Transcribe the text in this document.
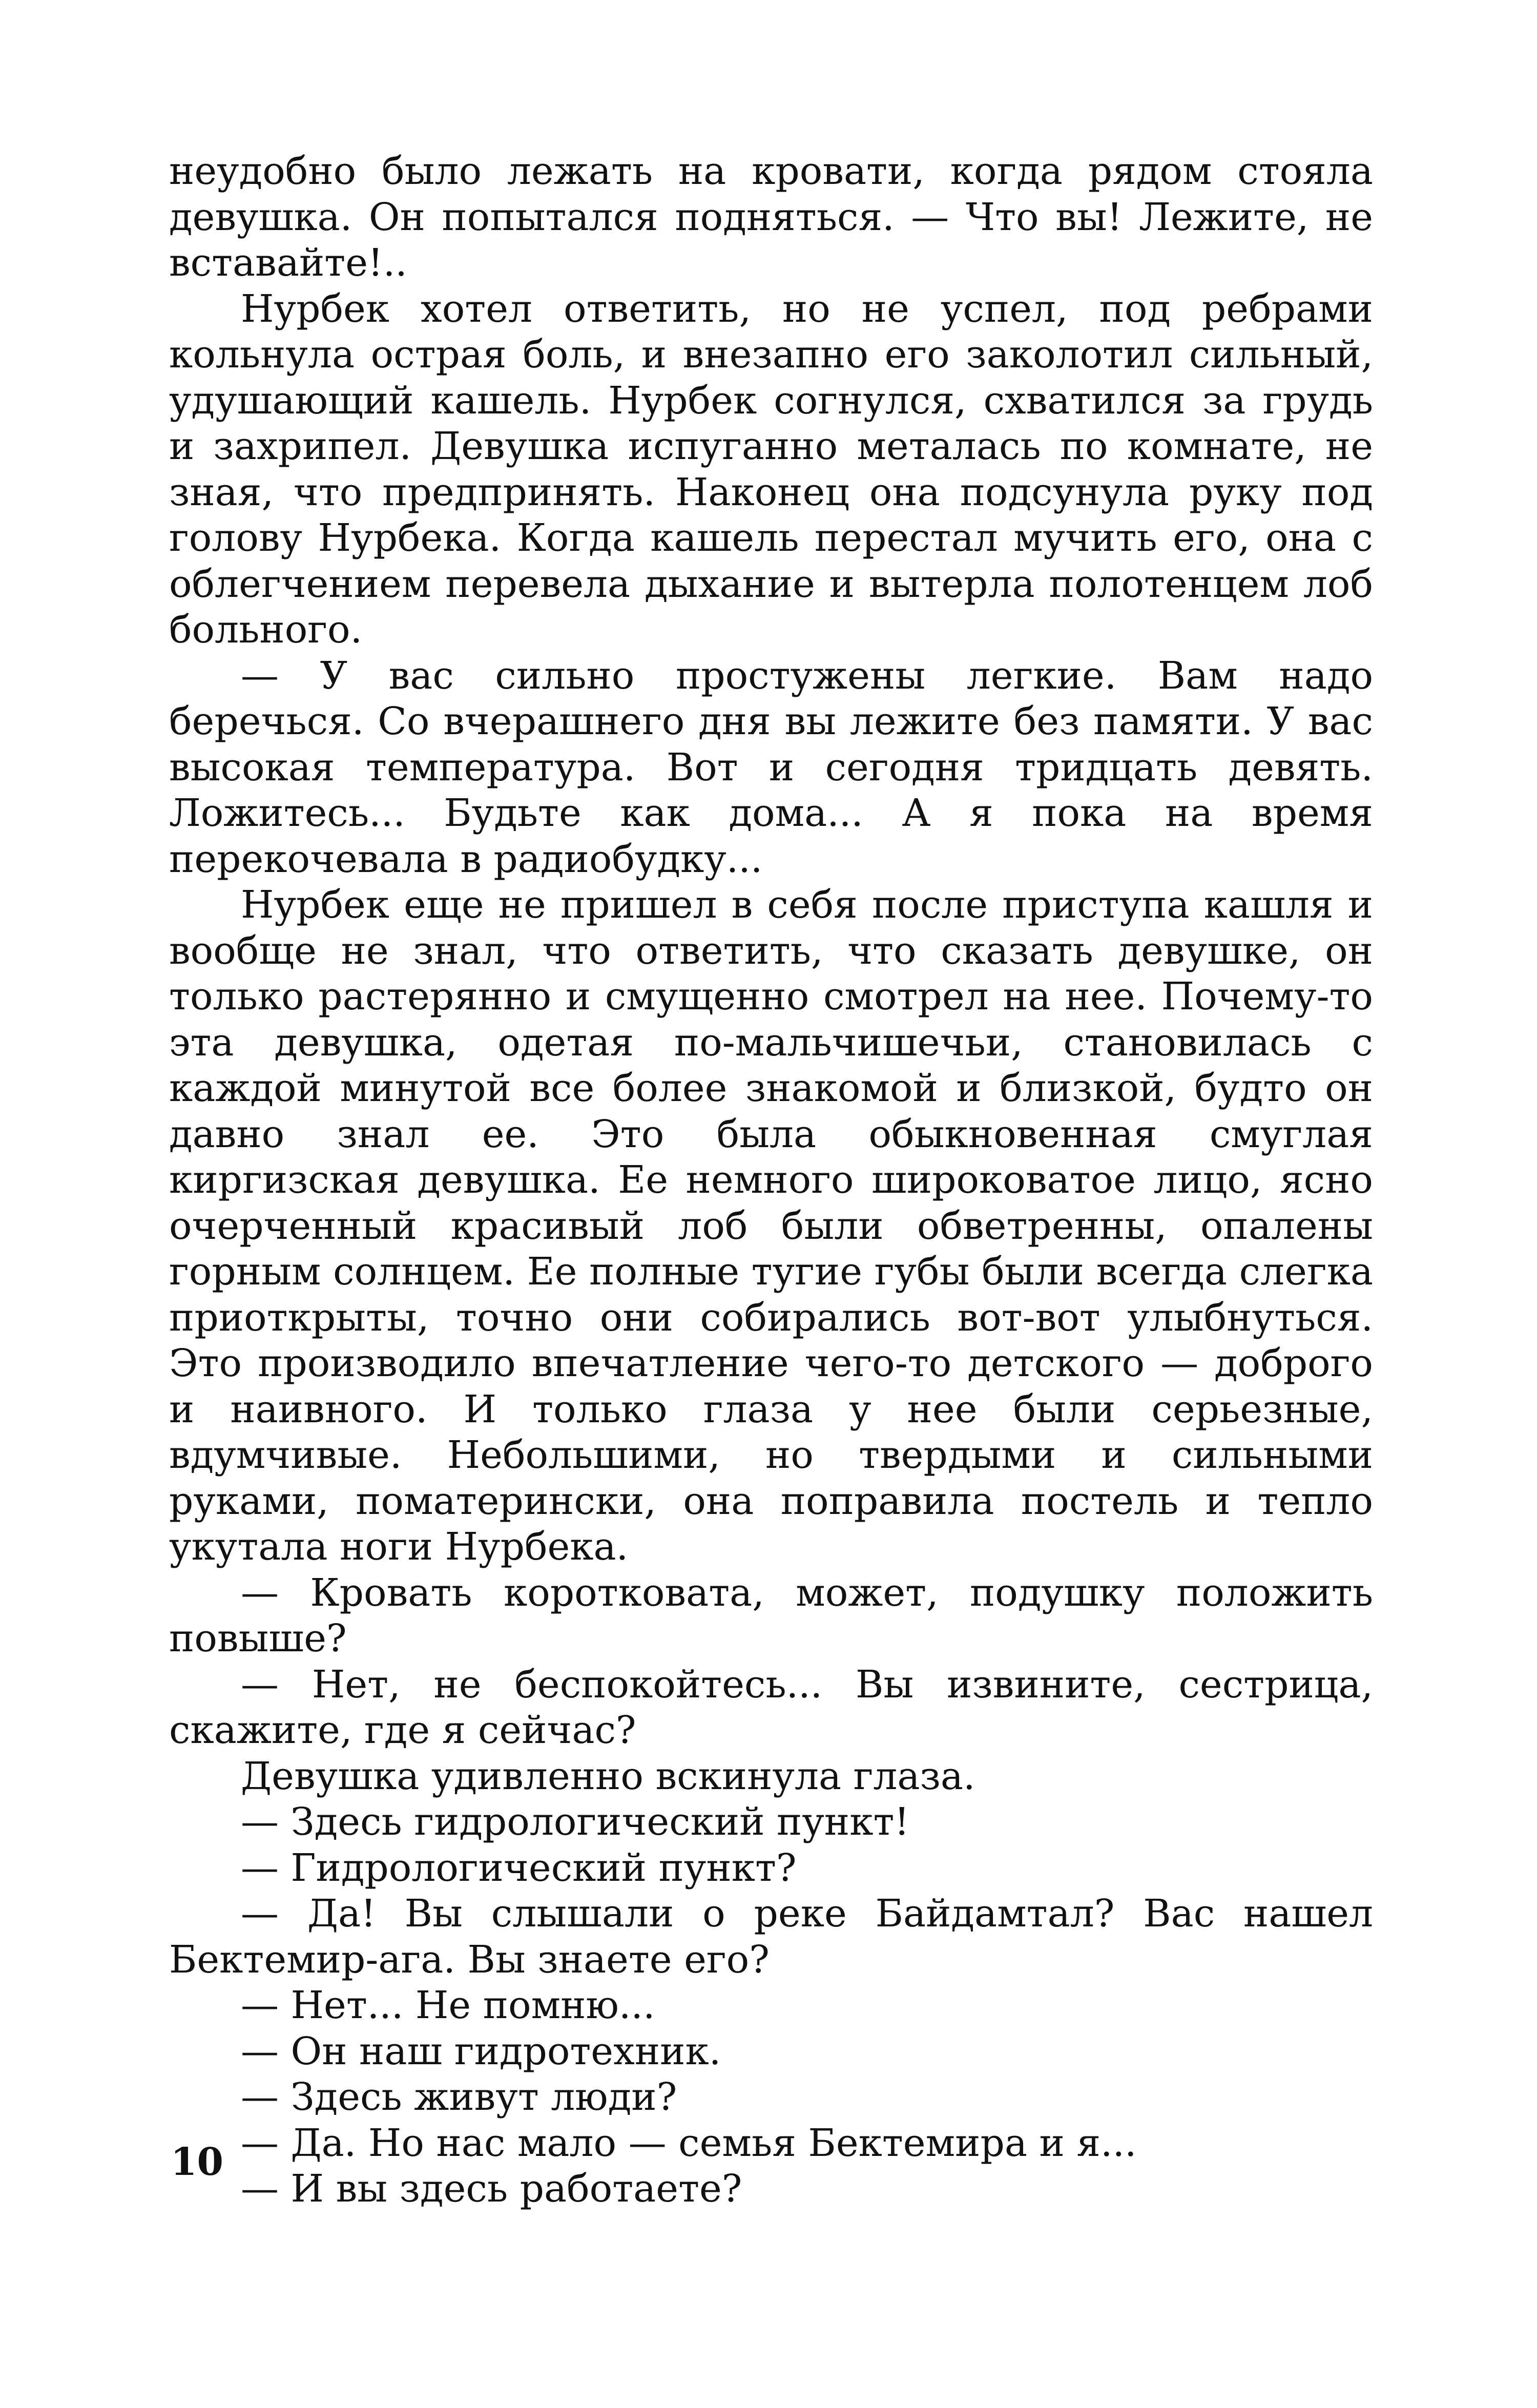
неудобно было лежать на кровати, когда рядом стояла девушка. Он попытался подняться. — Что вы! Лежите, не вставайте!..

Нурбек хотел ответить, но не успел, под ребрами кольнула острая боль, и внезапно его заколотил сильный, удушающий кашель. Нурбек согнулся, схватился за грудь и захрипел. Девушка испуганно металась по комнате, не зная, что предпринять. Наконец она подсунула руку под голову Нурбека. Когда кашель перестал мучить его, она с облегчением перевела дыхание и вытерла полотенцем лоб больного.

— У вас сильно простужены легкие. Вам надо беречься. Со вчерашнего дня вы лежите без памяти. У вас высокая температура. Вот и сегодня тридцать девять. Ложитесь... Будьте как дома... А я пока на время перекочевала в радиобудку...

Нурбек еще не пришел в себя после приступа кашля и вообще не знал, что ответить, что сказать девушке, он только растерянно и смущенно смотрел на нее. Почему-то эта девушка, одетая по-мальчишечьи, становилась с каждой минутой все более знакомой и близкой, будто он давно знал ее. Это была обыкновенная смуглая киргизская девушка. Ее немного широковатое лицо, ясно очерченный красивый лоб были обветренны, опалены горным солнцем. Ее полные тугие губы были всегда слегка приоткрыты, точно они собирались вот-вот улыбнуться. Это производило впечатление чего-то детского — доброго и наивного. И только глаза у нее были серьезные, вдумчивые. Небольшими, но твердыми и сильными руками, поматерински, она поправила постель и тепло укутала ноги Нурбека.

— Кровать коротковата, может, подушку положить повыше?

— Нет, не беспокойтесь... Вы извините, сестрица, скажите, где я сейчас?

Девушка удивленно вскинула глаза.

— Здесь гидрологический пункт!

— Гидрологический пункт?

— Да! Вы слышали о реке Байдамтал? Вас нашел Бектемир-ага. Вы знаете его?

— Нет... Не помню...

— Он наш гидротехник.

— Здесь живут люди?

— Да. Но нас мало — семья Бектемира и я...

— И вы здесь работаете?

10
